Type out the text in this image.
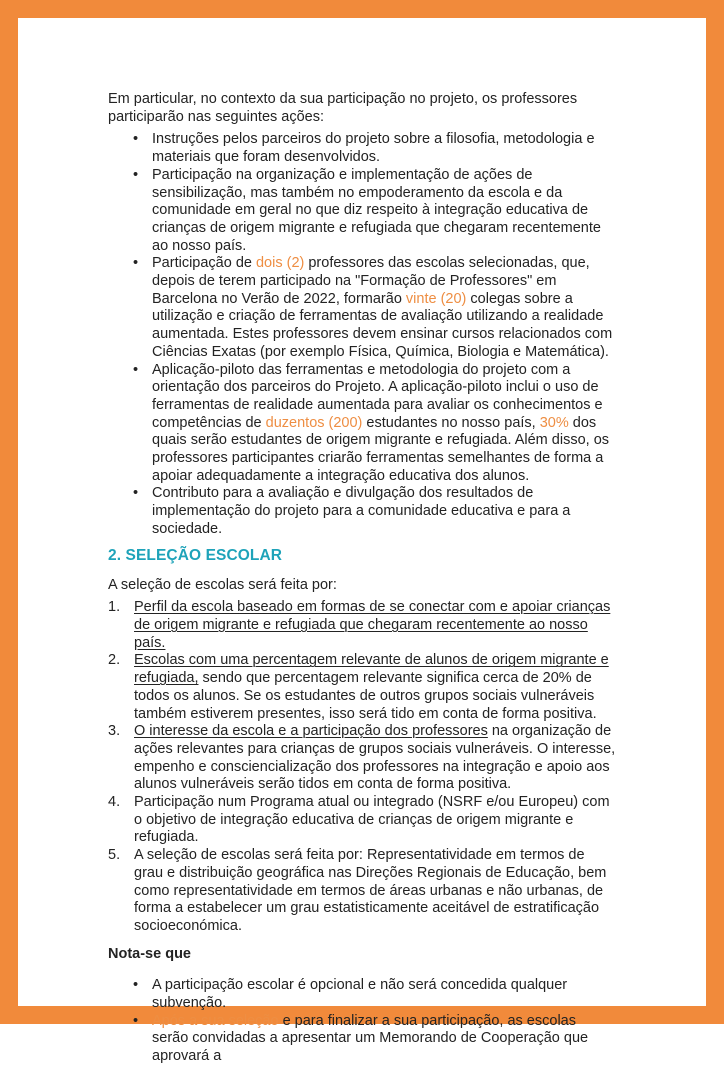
Em particular, no contexto da sua participação no projeto, os professores participarão nas seguintes ações:

• Instruções pelos parceiros do projeto sobre a filosofia, metodologia e materiais que foram desenvolvidos.
• Participação na organização e implementação de ações de sensibilização, mas também no empoderamento da escola e da comunidade em geral no que diz respeito à integração educativa de crianças de origem migrante e refugiada que chegaram recentemente ao nosso país.
• Participação de dois (2) professores das escolas selecionadas, que, depois de terem participado na "Formação de Professores" em Barcelona no Verão de 2022, formarão vinte (20) colegas sobre a utilização e criação de ferramentas de avaliação utilizando a realidade aumentada. Estes professores devem ensinar cursos relacionados com Ciências Exatas (por exemplo Física, Química, Biologia e Matemática).
• Aplicação-piloto das ferramentas e metodologia do projeto com a orientação dos parceiros do Projeto. A aplicação-piloto inclui o uso de ferramentas de realidade aumentada para avaliar os conhecimentos e competências de duzentos (200) estudantes no nosso país, 30% dos quais serão estudantes de origem migrante e refugiada. Além disso, os professores participantes criarão ferramentas semelhantes de forma a apoiar adequadamente a integração educativa dos alunos.
• Contributo para a avaliação e divulgação dos resultados de implementação do projeto para a comunidade educativa e para a sociedade.
2. SELEÇÃO ESCOLAR

A seleção de escolas será feita por:

Perfil da escola baseado em formas de se conectar com e apoiar crianças de origem migrante e refugiada que chegaram recentemente ao nosso país.
Escolas com uma percentagem relevante de alunos de origem migrante e refugiada, sendo que percentagem relevante significa cerca de 20% de todos os alunos. Se os estudantes de outros grupos sociais vulneráveis também estiverem presentes, isso será tido em conta de forma positiva.
O interesse da escola e a participação dos professores na organização de ações relevantes para crianças de grupos sociais vulneráveis. O interesse, empenho e consciencialização dos professores na integração e apoio aos alunos vulneráveis serão tidos em conta de forma positiva.
Participação num Programa atual ou integrado (NSRF e/ou Europeu) com o objetivo de integração educativa de crianças de origem migrante e refugiada.
A seleção de escolas será feita por: Representatividade em termos de grau e distribuição geográfica nas Direções Regionais de Educação, bem como representatividade em termos de áreas urbanas e não urbanas, de forma a estabelecer um grau estatisticamente aceitável de estratificação socioeconómica.

Nota-se que

• A participação escolar é opcional e não será concedida qualquer subvenção.
• Após a sua seleção e para finalizar a sua participação, as escolas serão convidadas a apresentar um Memorando de Cooperação que aprovará a
